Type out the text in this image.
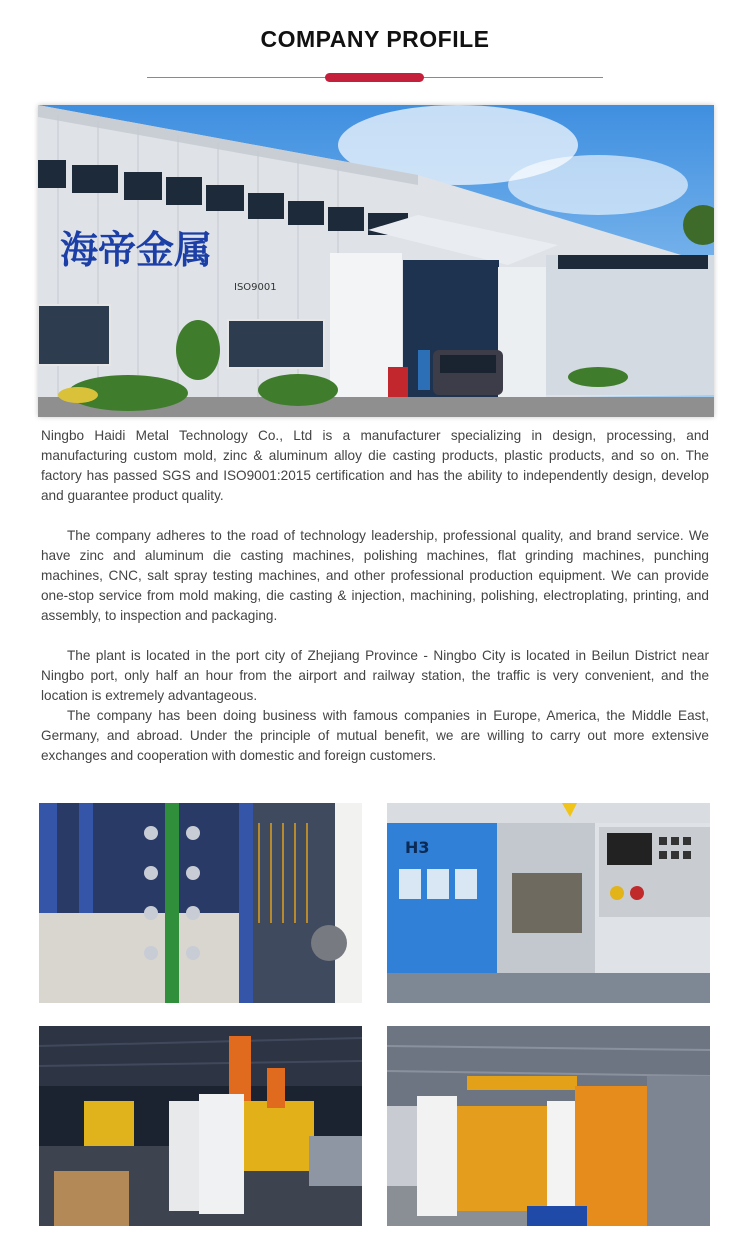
COMPANY PROFILE
海帝金属
ISO9001

Ningbo Haidi Metal Technology Co., Ltd is a manufacturer specializing in design, processing, and manufacturing custom mold, zinc & aluminum alloy die casting products, plastic products, and so on. The factory has passed SGS and ISO9001:2015 certification and has the ability to independently design, develop and guarantee product quality.

The company adheres to the road of technology leadership, professional quality, and brand service. We have zinc and aluminum die casting machines, polishing machines, flat grinding machines, punching machines, CNC, salt spray testing machines, and other professional production equipment. We can provide one-stop service from mold making, die casting & injection, machining, polishing, electroplating, printing, and assembly, to inspection and packaging.

The plant is located in the port city of Zhejiang Province - Ningbo City is located in Beilun District near Ningbo port, only half an hour from the airport and railway station, the traffic is very convenient, and the location is extremely advantageous.

The company has been doing business with famous companies in Europe, America, the Middle East, Germany, and abroad. Under the principle of mutual benefit, we are willing to carry out more extensive exchanges and cooperation with domestic and foreign customers.

H3
